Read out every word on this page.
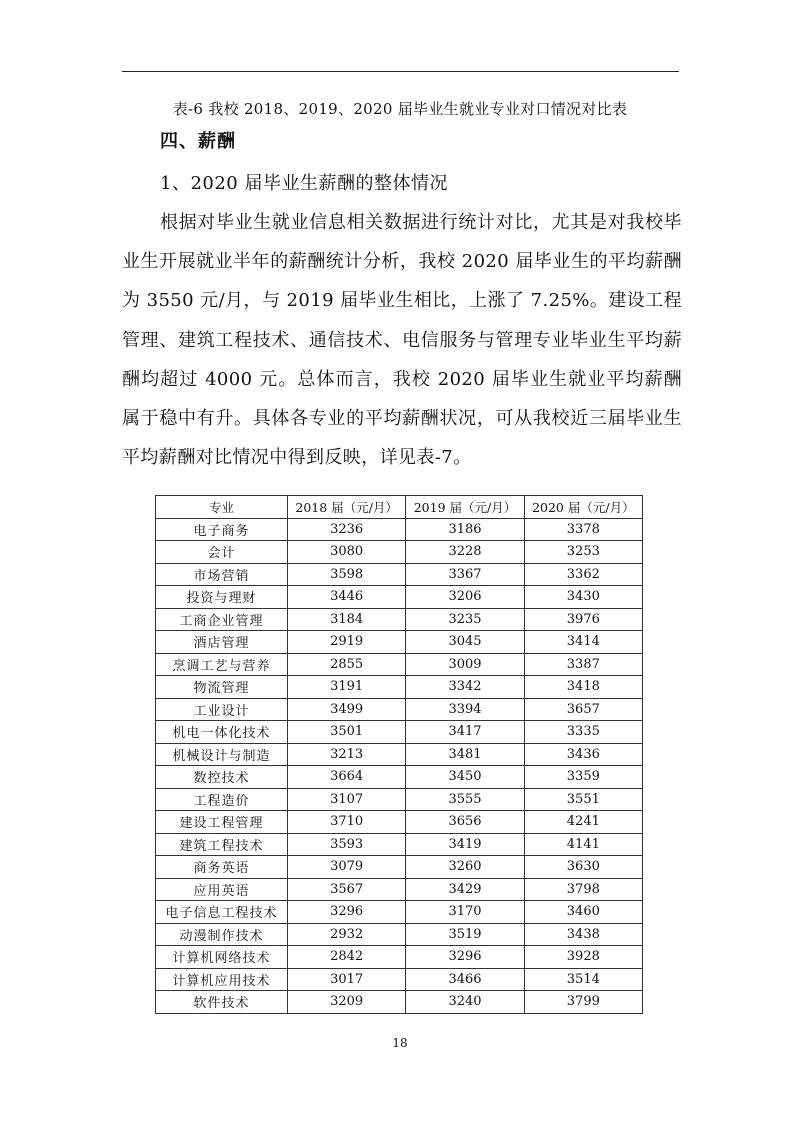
表-6 我校 2018、2019、2020 届毕业生就业专业对口情况对比表
四、薪酬
1、2020 届毕业生薪酬的整体情况

根据对毕业生就业信息相关数据进行统计对比，尤其是对我校毕业生开展就业半年的薪酬统计分析，我校 2020 届毕业生的平均薪酬为 3550 元/月，与 2019 届毕业生相比，上涨了 7.25%。建设工程管理、建筑工程技术、通信技术、电信服务与管理专业毕业生平均薪酬均超过 4000 元。总体而言，我校 2020 届毕业生就业平均薪酬属于稳中有升。具体各专业的平均薪酬状况，可从我校近三届毕业生平均薪酬对比情况中得到反映，详见表-7。

专业	2018 届（元/月）	2019 届（元/月）	2020 届（元/月）
电子商务	3236	3186	3378
会计	3080	3228	3253
市场营销	3598	3367	3362
投资与理财	3446	3206	3430
工商企业管理	3184	3235	3976
酒店管理	2919	3045	3414
烹调工艺与营养	2855	3009	3387
物流管理	3191	3342	3418
工业设计	3499	3394	3657
机电一体化技术	3501	3417	3335
机械设计与制造	3213	3481	3436
数控技术	3664	3450	3359
工程造价	3107	3555	3551
建设工程管理	3710	3656	4241
建筑工程技术	3593	3419	4141
商务英语	3079	3260	3630
应用英语	3567	3429	3798
电子信息工程技术	3296	3170	3460
动漫制作技术	2932	3519	3438
计算机网络技术	2842	3296	3928
计算机应用技术	3017	3466	3514
软件技术	3209	3240	3799
18
